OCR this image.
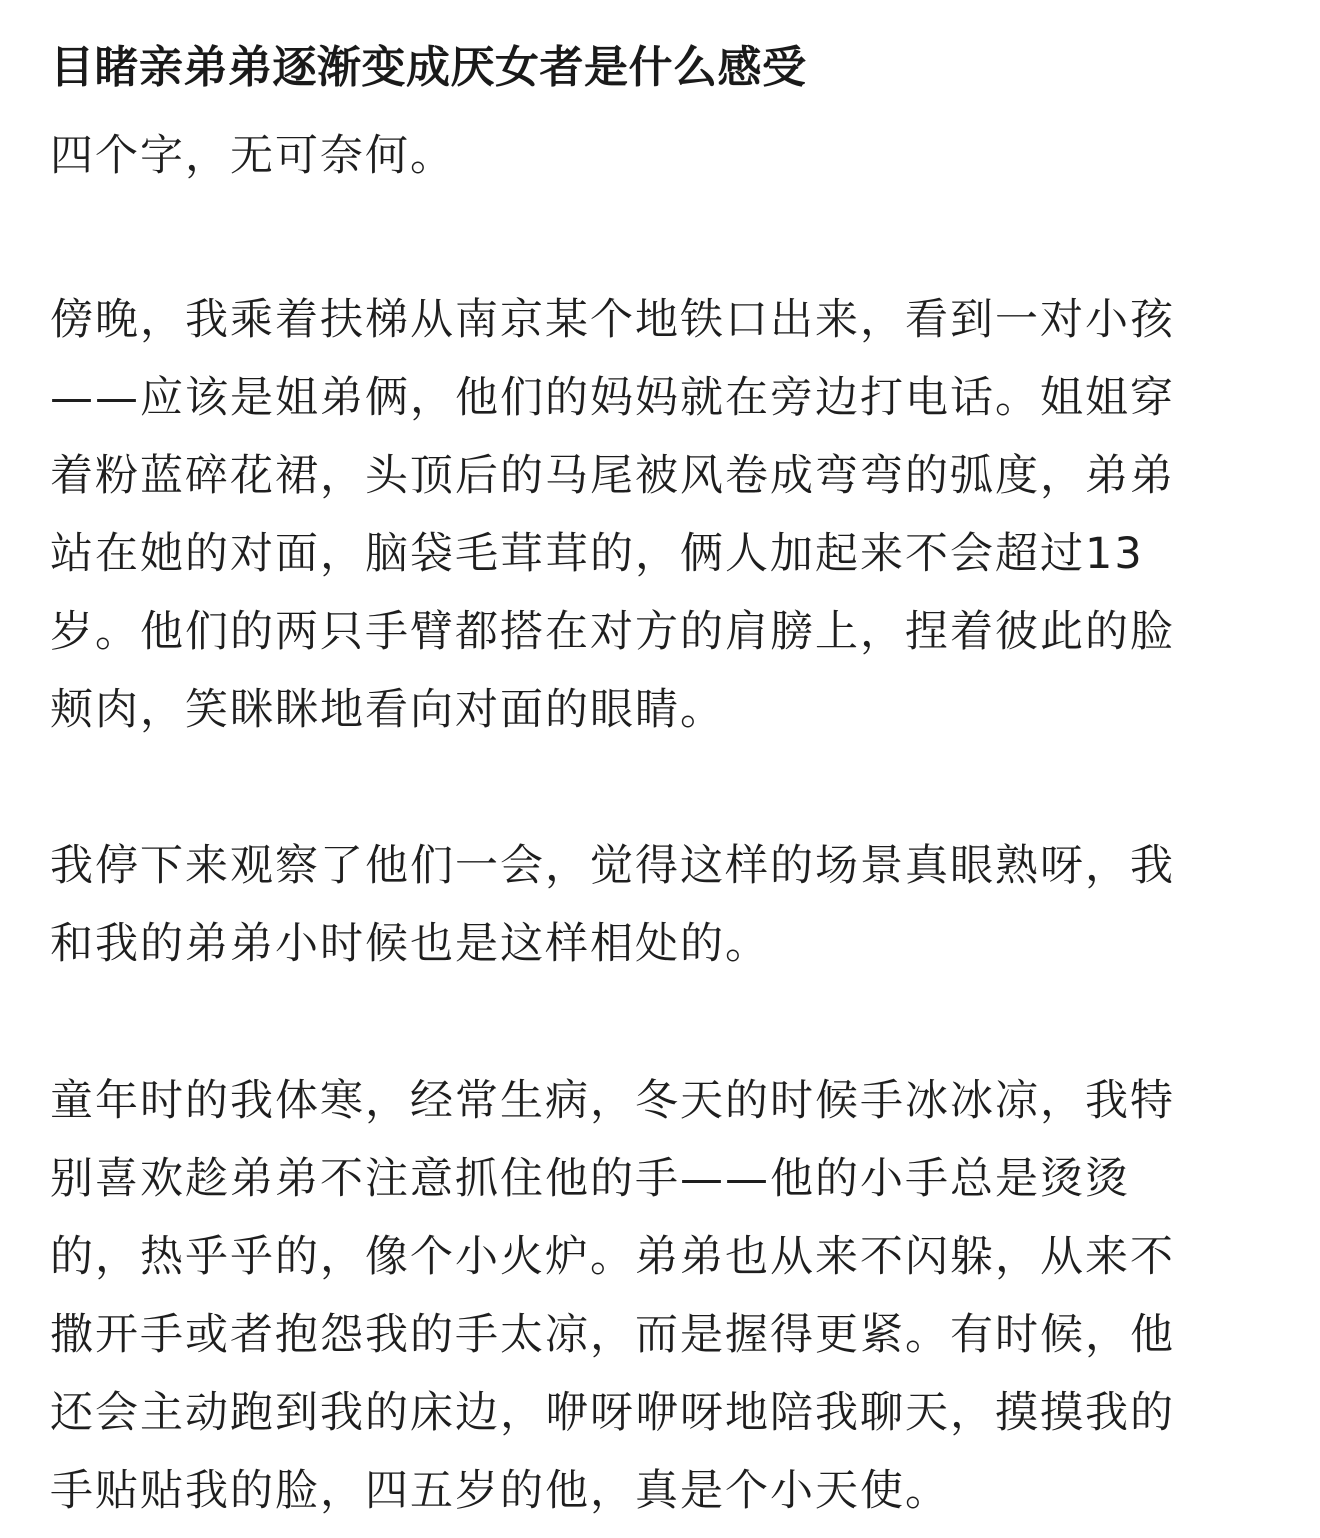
目睹亲弟弟逐渐变成厌女者是什么感受

四个字，无可奈何。

傍晚，我乘着扶梯从南京某个地铁口出来，看到一对小孩

——应该是姐弟俩，他们的妈妈就在旁边打电话。姐姐穿

着粉蓝碎花裙，头顶后的马尾被风卷成弯弯的弧度，弟弟

站在她的对面，脑袋毛茸茸的，俩人加起来不会超过13

岁。他们的两只手臂都搭在对方的肩膀上，捏着彼此的脸

颊肉，笑眯眯地看向对面的眼睛。

我停下来观察了他们一会，觉得这样的场景真眼熟呀，我

和我的弟弟小时候也是这样相处的。

童年时的我体寒，经常生病，冬天的时候手冰冰凉，我特

别喜欢趁弟弟不注意抓住他的手——他的小手总是烫烫

的，热乎乎的，像个小火炉。弟弟也从来不闪躲，从来不

撒开手或者抱怨我的手太凉，而是握得更紧。有时候，他

还会主动跑到我的床边，咿呀咿呀地陪我聊天，摸摸我的

手贴贴我的脸，四五岁的他，真是个小天使。
